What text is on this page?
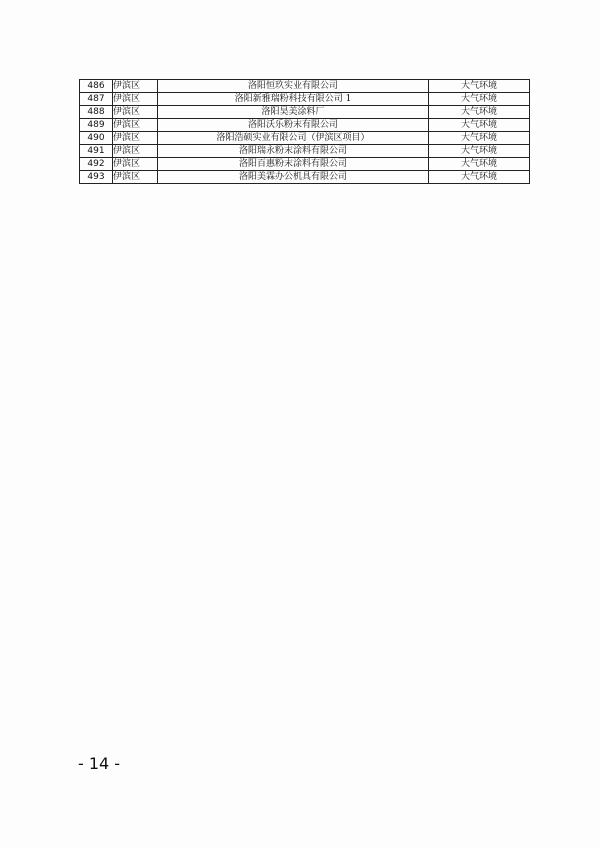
486	伊滨区	洛阳恒玖实业有限公司	大气环境
487	伊滨区	洛阳新雅瑞粉科技有限公司 1	大气环境
488	伊滨区	洛阳昊美涂料厂	大气环境
489	伊滨区	洛阳沃乐粉末有限公司	大气环境
490	伊滨区	洛阳浩硕实业有限公司（伊滨区项目）	大气环境
491	伊滨区	洛阳瑞永粉末涂料有限公司	大气环境
492	伊滨区	洛阳百惠粉末涂料有限公司	大气环境
493	伊滨区	洛阳美霖办公机具有限公司	大气环境
- 14 -
